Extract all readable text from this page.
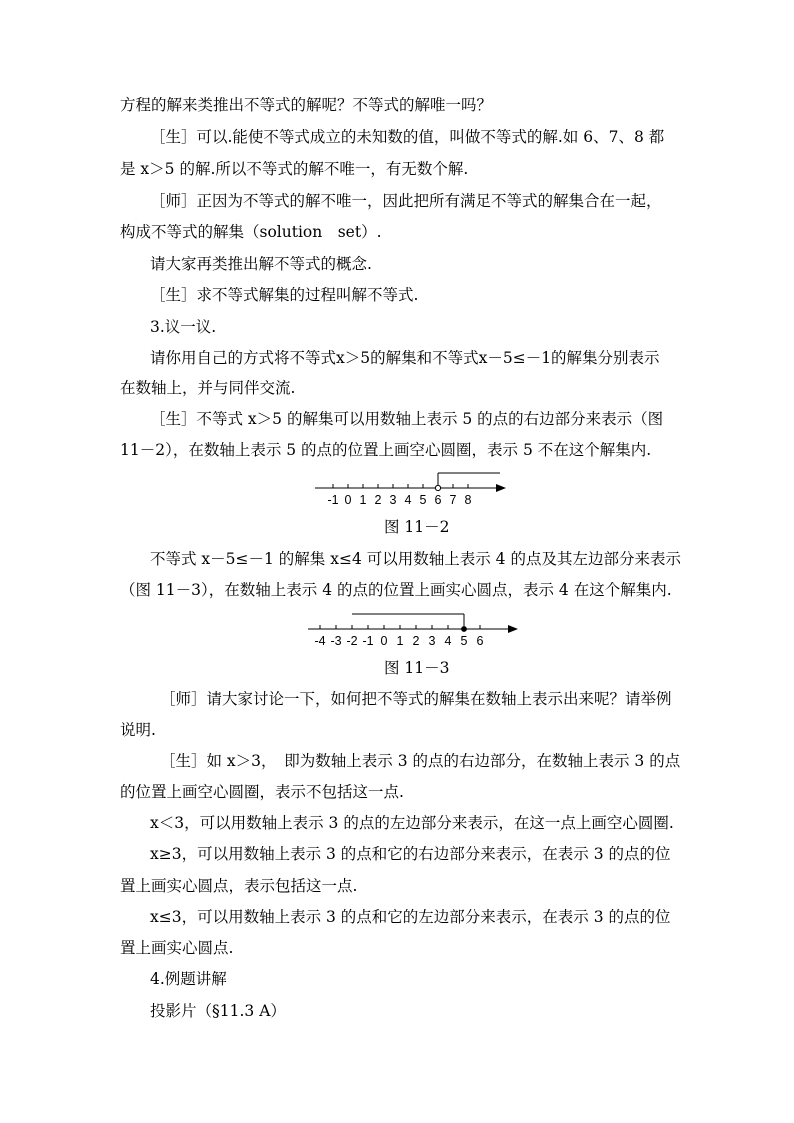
方程的解来类推出不等式的解呢？不等式的解唯一吗？
［生］可以.能使不等式成立的未知数的值，叫做不等式的解.如 6、7、8 都
是 x＞5 的解.所以不等式的解不唯一，有无数个解.
［师］正因为不等式的解不唯一，因此把所有满足不等式的解集合在一起，
构成不等式的解集（solution　set）.
请大家再类推出解不等式的概念.
［生］求不等式解集的过程叫解不等式.
3.议一议.
请你用自己的方式将不等式x＞5的解集和不等式x－5≤－1的解集分别表示
在数轴上，并与同伴交流.
［生］不等式 x＞5 的解集可以用数轴上表示 5 的点的右边部分来表示（图
11－2），在数轴上表示 5 的点的位置上画空心圆圈，表示 5 不在这个解集内.
-1 0 1 2 3 4 5 6 7 8
图 11－2
不等式 x－5≤－1 的解集 x≤4 可以用数轴上表示 4 的点及其左边部分来表示
（图 11－3），在数轴上表示 4 的点的位置上画实心圆点，表示 4 在这个解集内.
-4 -3 -2 -1 0 1 2 3 4 5 6
图 11－3
［师］请大家讨论一下，如何把不等式的解集在数轴上表示出来呢？请举例
说明.
［生］如 x＞3，　即为数轴上表示 3 的点的右边部分，在数轴上表示 3 的点
的位置上画空心圆圈，表示不包括这一点.
x＜3，可以用数轴上表示 3 的点的左边部分来表示，在这一点上画空心圆圈.
x≥3，可以用数轴上表示 3 的点和它的右边部分来表示，在表示 3 的点的位
置上画实心圆点，表示包括这一点.
x≤3，可以用数轴上表示 3 的点和它的左边部分来表示，在表示 3 的点的位
置上画实心圆点.
4.例题讲解
投影片（§11.3 A）
